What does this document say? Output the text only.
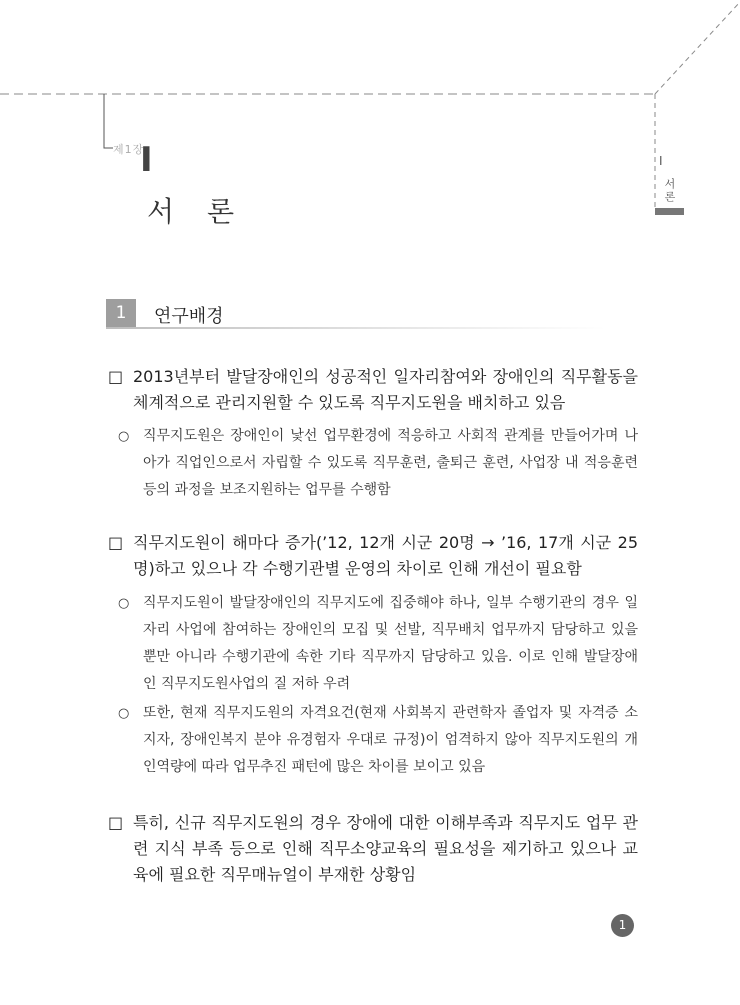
제1장
I
서 론
I
서론
1	연구배경
□ 2013년부터 발달장애인의 성공적인 일자리참여와 장애인의 직무활동을 체계적으로 관리지원할 수 있도록 직무지도원을 배치하고 있음
○ 직무지도원은 장애인이 낯선 업무환경에 적응하고 사회적 관계를 만들어가며 나아가 직업인으로서 자립할 수 있도록 직무훈련, 출퇴근 훈련, 사업장 내 적응훈련 등의 과정을 보조지원하는 업무를 수행함
□ 직무지도원이 해마다 증가(’12, 12개 시군 20명 → ’16, 17개 시군 25명)하고 있으나 각 수행기관별 운영의 차이로 인해 개선이 필요함
○ 직무지도원이 발달장애인의 직무지도에 집중해야 하나, 일부 수행기관의 경우 일자리 사업에 참여하는 장애인의 모집 및 선발, 직무배치 업무까지 담당하고 있을 뿐만 아니라 수행기관에 속한 기타 직무까지 담당하고 있음. 이로 인해 발달장애인 직무지도원사업의 질 저하 우려
○ 또한, 현재 직무지도원의 자격요건(현재 사회복지 관련학자 졸업자 및 자격증 소지자, 장애인복지 분야 유경험자 우대로 규정)이 엄격하지 않아 직무지도원의 개인역량에 따라 업무추진 패턴에 많은 차이를 보이고 있음
□ 특히, 신규 직무지도원의 경우 장애에 대한 이해부족과 직무지도 업무 관련 지식 부족 등으로 인해 직무소양교육의 필요성을 제기하고 있으나 교육에 필요한 직무매뉴얼이 부재한 상황임
1
